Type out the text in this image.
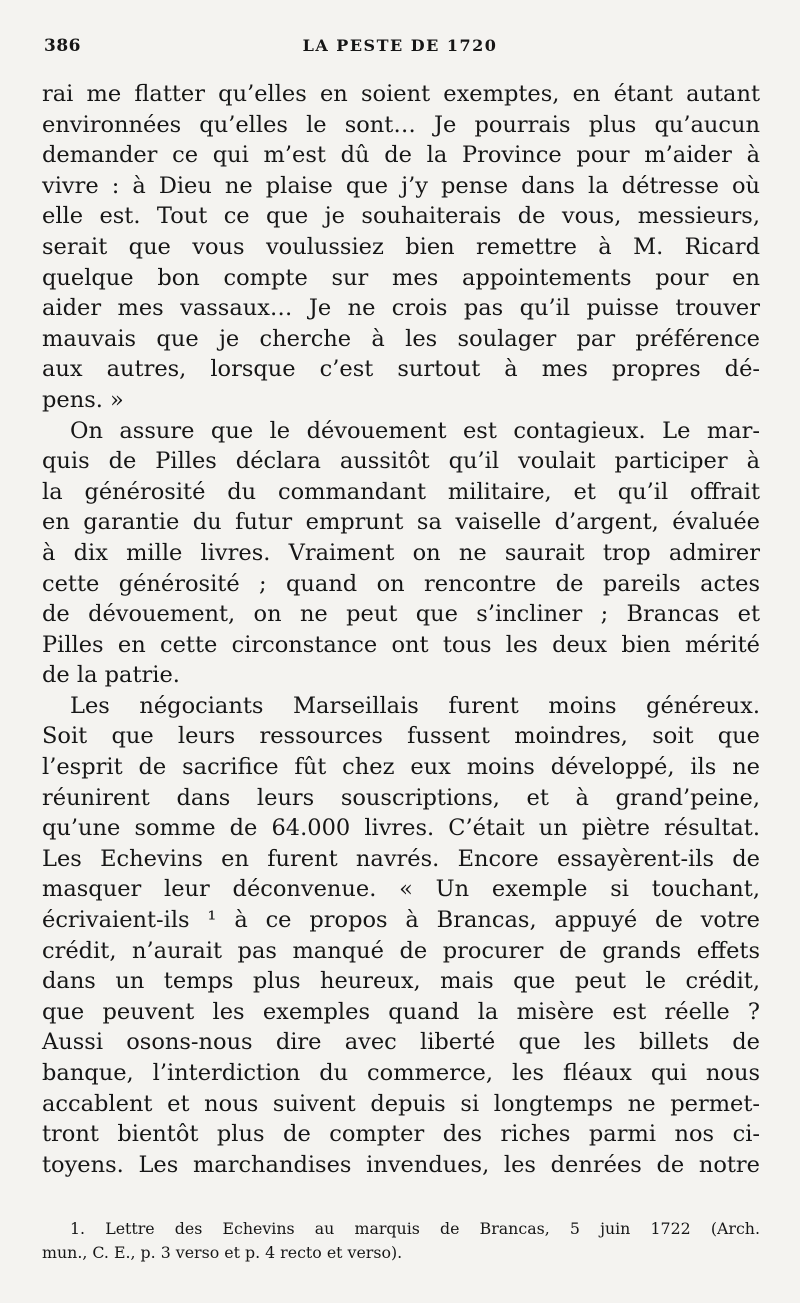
386	LA PESTE DE 1720
rai me flatter qu’elles en soient exemptes, en étant autant
environnées qu’elles le sont… Je pourrais plus qu’aucun
demander ce qui m’est dû de la Province pour m’aider à
vivre : à Dieu ne plaise que j’y pense dans la détresse où
elle est. Tout ce que je souhaiterais de vous, messieurs,
serait que vous voulussiez bien remettre à M. Ricard
quelque bon compte sur mes appointements pour en
aider mes vassaux… Je ne crois pas qu’il puisse trouver
mauvais que je cherche à les soulager par préférence
aux autres, lorsque c’est surtout à mes propres dé-
pens. »
On assure que le dévouement est contagieux. Le mar-
quis de Pilles déclara aussitôt qu’il voulait participer à
la générosité du commandant militaire, et qu’il offrait
en garantie du futur emprunt sa vaiselle d’argent, évaluée
à dix mille livres. Vraiment on ne saurait trop admirer
cette générosité ; quand on rencontre de pareils actes
de dévouement, on ne peut que s’incliner ; Brancas et
Pilles en cette circonstance ont tous les deux bien mérité
de la patrie.
Les négociants Marseillais furent moins généreux.
Soit que leurs ressources fussent moindres, soit que
l’esprit de sacrifice fût chez eux moins développé, ils ne
réunirent dans leurs souscriptions, et à grand’peine,
qu’une somme de 64.000 livres. C’était un piètre résultat.
Les Echevins en furent navrés. Encore essayèrent-ils de
masquer leur déconvenue. « Un exemple si touchant,
écrivaient-ils ¹ à ce propos à Brancas, appuyé de votre
crédit, n’aurait pas manqué de procurer de grands effets
dans un temps plus heureux, mais que peut le crédit,
que peuvent les exemples quand la misère est réelle ?
Aussi osons-nous dire avec liberté que les billets de
banque, l’interdiction du commerce, les fléaux qui nous
accablent et nous suivent depuis si longtemps ne permet-
tront bientôt plus de compter des riches parmi nos ci-
toyens. Les marchandises invendues, les denrées de notre
1. Lettre des Echevins au marquis de Brancas, 5 juin 1722 (Arch.
mun., C. E., p. 3 verso et p. 4 recto et verso).
